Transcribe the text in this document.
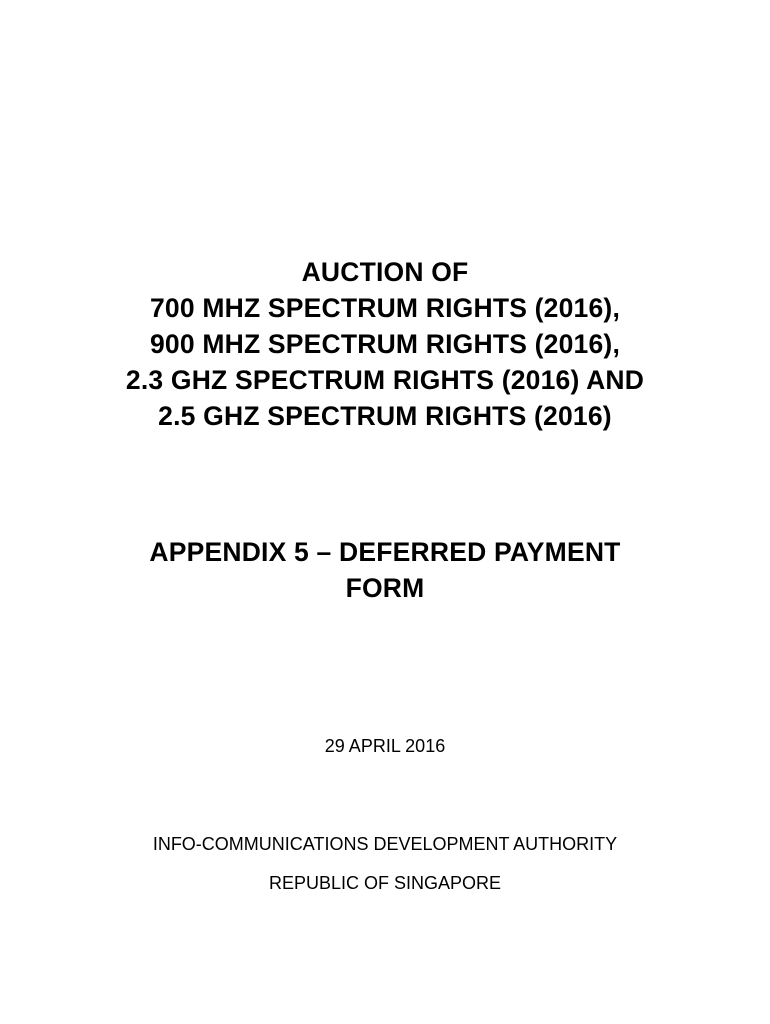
AUCTION OF
700 MHZ SPECTRUM RIGHTS (2016),
900 MHZ SPECTRUM RIGHTS (2016),
2.3 GHZ SPECTRUM RIGHTS (2016) AND
2.5 GHZ SPECTRUM RIGHTS (2016)
APPENDIX 5 – DEFERRED PAYMENT
FORM
29 APRIL 2016
INFO-COMMUNICATIONS DEVELOPMENT AUTHORITY
REPUBLIC OF SINGAPORE
